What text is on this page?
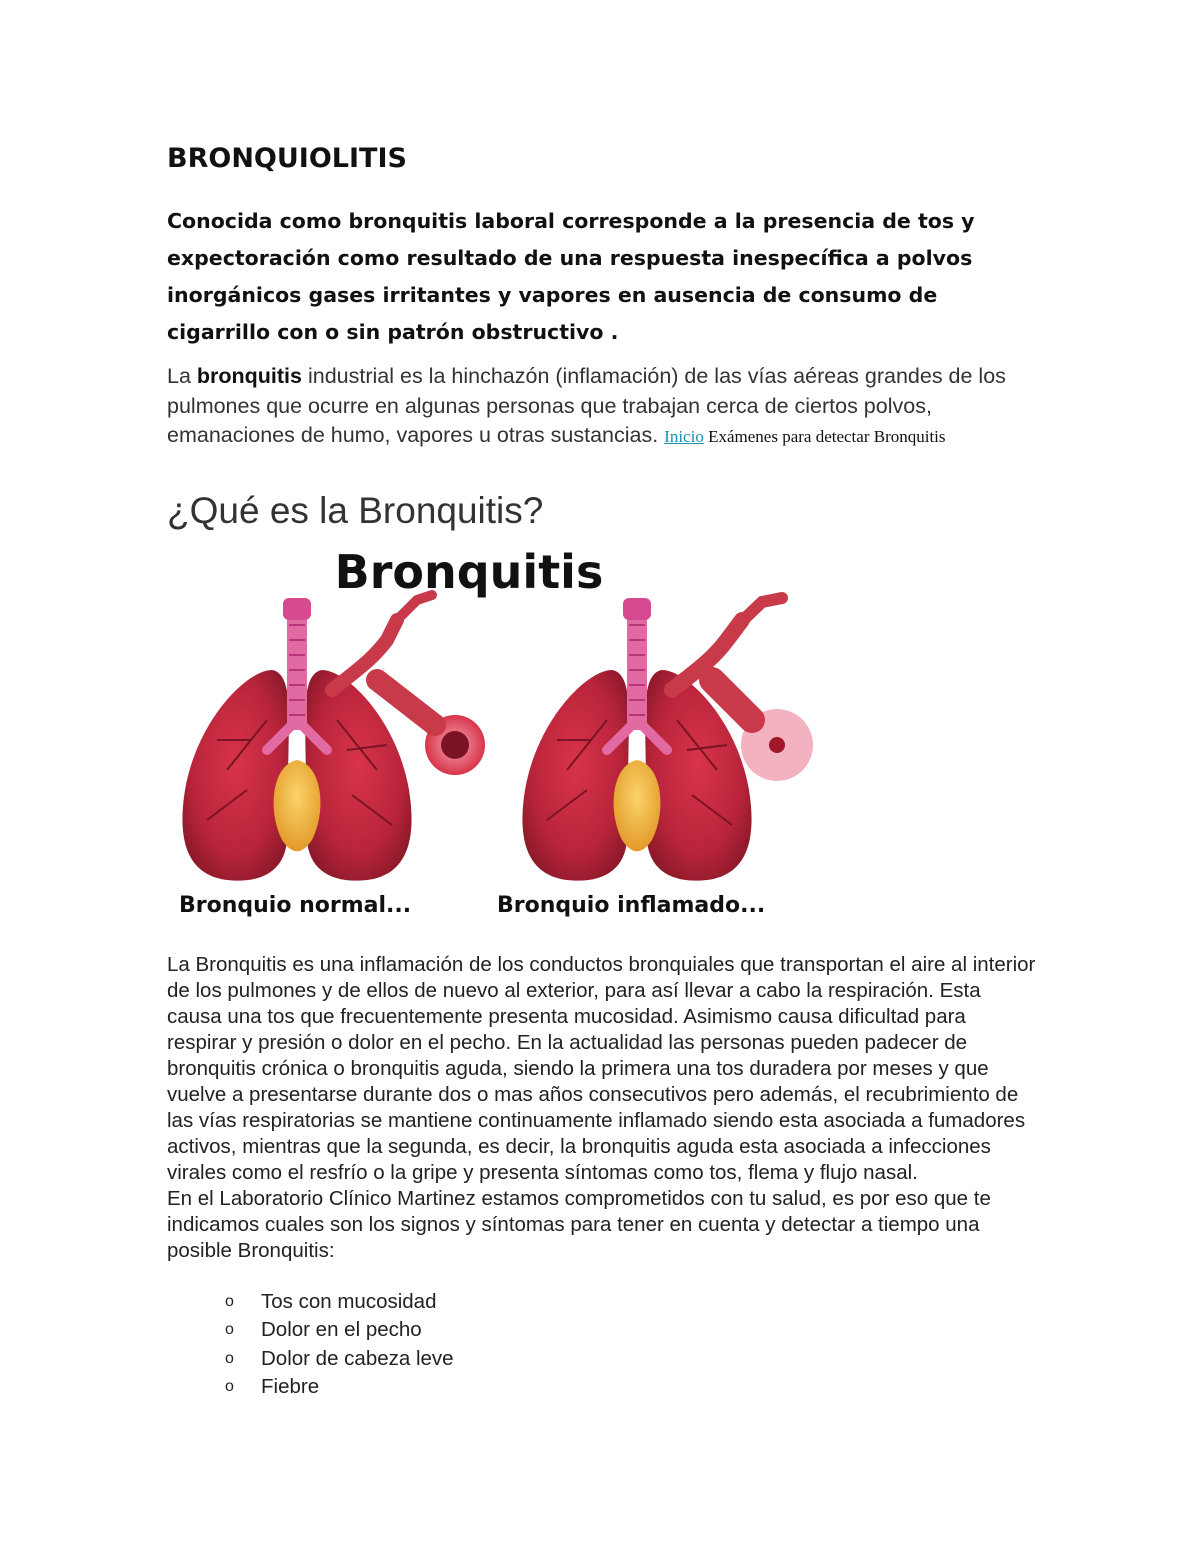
BRONQUIOLITIS
Conocida como bronquitis laboral corresponde a la presencia de tos y expectoración como resultado de una respuesta inespecífica a polvos inorgánicos gases irritantes y vapores en ausencia de consumo de cigarrillo con o sin patrón obstructivo .
La bronquitis industrial es la hinchazón (inflamación) de las vías aéreas grandes de los pulmones que ocurre en algunas personas que trabajan cerca de ciertos polvos, emanaciones de humo, vapores u otras sustancias. Inicio Exámenes para detectar Bronquitis
¿Qué es la Bronquitis?
Bronquitis
Bronquio normal...	Bronquio inflamado...

La Bronquitis es una inflamación de los conductos bronquiales que transportan el aire al interior de los pulmones y de ellos de nuevo al exterior, para así llevar a cabo la respiración. Esta causa una tos que frecuentemente presenta mucosidad. Asimismo causa dificultad para respirar y presión o dolor en el pecho. En la actualidad las personas pueden padecer de bronquitis crónica o bronquitis aguda, siendo la primera una tos duradera por meses y que vuelve a presentarse durante dos o mas años consecutivos pero además, el recubrimiento de las vías respiratorias se mantiene continuamente inflamado siendo esta asociada a fumadores activos, mientras que la segunda, es decir, la bronquitis aguda esta asociada a infecciones virales como el resfrío o la gripe y presenta síntomas como tos, flema y flujo nasal.

En el Laboratorio Clínico Martinez estamos comprometidos con tu salud, es por eso que te indicamos cuales son los signos y síntomas para tener en cuenta y detectar a tiempo una posible Bronquitis:

o	Tos con mucosidad
o	Dolor en el pecho
o	Dolor de cabeza leve
o	Fiebre
